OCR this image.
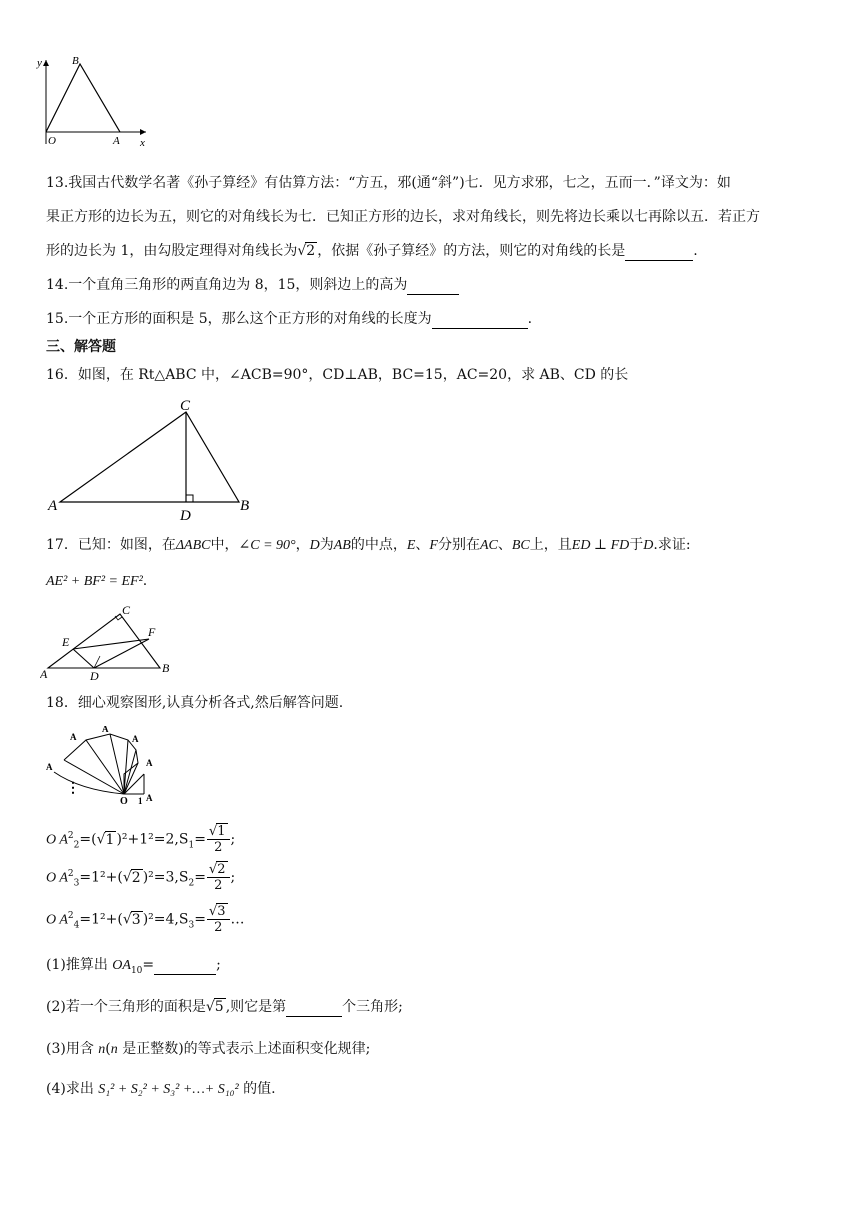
y	B
O	A x
13.我国古代数学名著《孙子算经》有估算方法：“方五，邪(通“斜”)七．见方求邪，七之，五而一．”译文为：如
果正方形的边长为五，则它的对角线长为七．已知正方形的边长，求对角线长，则先将边长乘以七再除以五．若正方
形的边长为 1，由勾股定理得对角线长为√2 ，依据《孙子算经》的方法，则它的对角线的长是	.
14.一个直角三角形的两直角边为 8，15，则斜边上的高为
15.一个正方形的面积是 5，那么这个正方形的对角线的长度为	.
三、解答题
16．如图，在 Rt△ABC 中，∠ACB=90°，CD⊥AB，BC=15，AC=20，求 AB、CD 的长
C
A	B
D
17．已知：如图，在ΔABC中，∠C = 90°，D为AB的中点，E、F分别在AC、BC上，且ED ⊥ FD于D.求证:
AE² + BF² = EF².
C
E
F
A	D
B
18．细心观察图形,认真分析各式,然后解答问题.
O 1 A
A
A
A
A
A
⋮
O $A^2_2=(√1$ )$^2+1^2=2,S_1= \frac{√1}{2}$ ;
O $A^2_3=1^2+(√2$ )$^2=3,S_2= \frac{√2}{2}$ ;
O $A^2_4=1^2+(√3$ )$^2=4,S_3= \frac{√3}{2}$ …
(1)推算出 $OA_{10}=$	;
(2)若一个三角形的面积是√5 ,则它是第	个三角形;
(3)用含 n(n 是正整数)的等式表示上述面积变化规律;
(4)求出 S₁² + S₂² + S₃² +…+ S₁₀² 的值.
